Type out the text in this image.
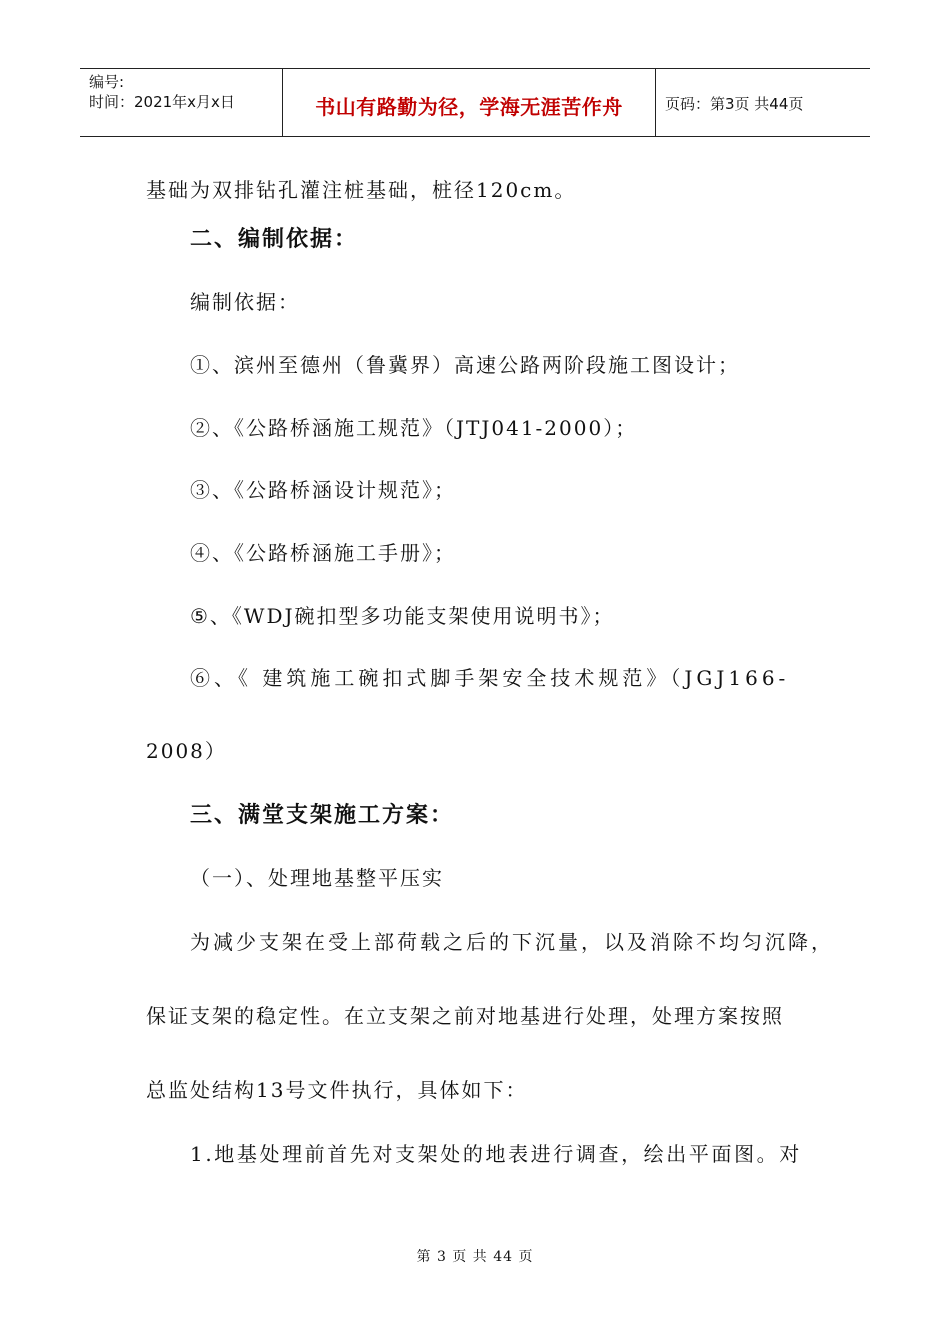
编号:
时间：2021年x月x日	书山有路勤为径，学海无涯苦作舟	页码：第3页 共44页
基础为双排钻孔灌注桩基础，桩径120cm。
二、编制依据：
编制依据：
①、滨州至德州（鲁冀界）高速公路两阶段施工图设计；
②、《公路桥涵施工规范》（JTJ041-2000）；
③、《公路桥涵设计规范》；
④、《公路桥涵施工手册》；
⑤、《WDJ碗扣型多功能支架使用说明书》；
⑥、《 建筑施工碗扣式脚手架安全技术规范》（JGJ166-
2008）
三、满堂支架施工方案：
（一）、处理地基整平压实
为减少支架在受上部荷载之后的下沉量，以及消除不均匀沉降，
保证支架的稳定性。在立支架之前对地基进行处理，处理方案按照
总监处结构13号文件执行，具体如下：
1.地基处理前首先对支架处的地表进行调查，绘出平面图。对
第 3 页 共 44 页
